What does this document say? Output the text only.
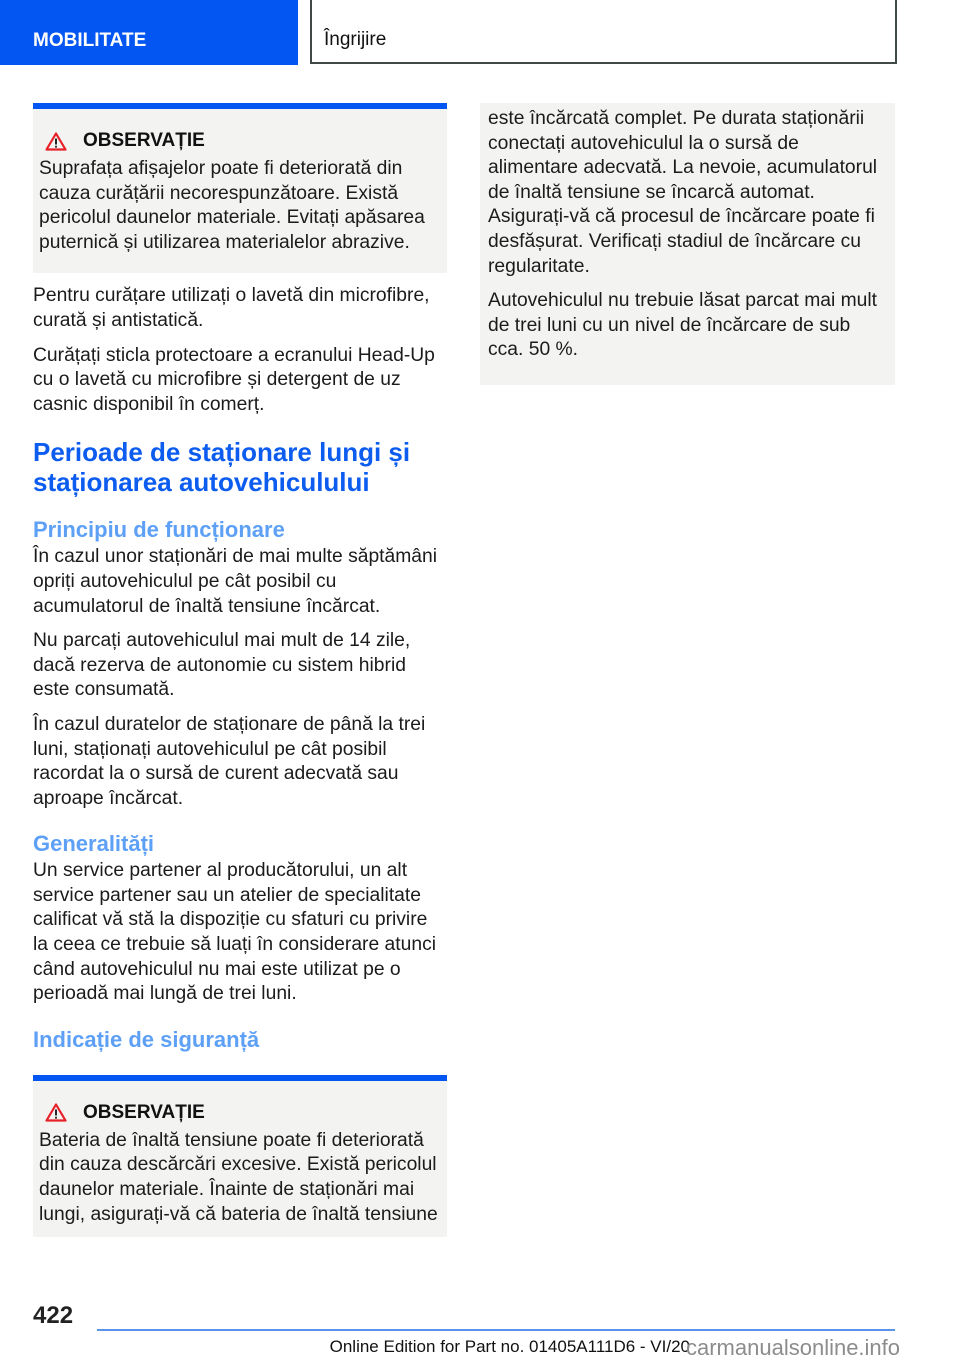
MOBILITATE	Îngrijire
OBSERVAȚIE

Suprafața afișajelor poate fi deteriorată din cauza curățării necorespunzătoare. Există pericolul daunelor materiale. Evitați apăsarea puternică și utilizarea materialelor abrazive.

Pentru curățare utilizați o lavetă din microfibre, curată și antistatică.

Curățați sticla protectoare a ecranului Head-Up cu o lavetă cu microfibre și detergent de uz casnic disponibil în comerț.

Perioade de staționare lungi și staționarea autovehiculului
Principiu de funcționare

În cazul unor staționări de mai multe săptămâni opriți autovehiculul pe cât posibil cu acumulatorul de înaltă tensiune încărcat.

Nu parcați autovehiculul mai mult de 14 zile, dacă rezerva de autonomie cu sistem hibrid este consumată.

În cazul duratelor de staționare de până la trei luni, staționați autovehiculul pe cât posibil racordat la o sursă de curent adecvată sau aproape încărcat.

Generalități

Un service partener al producătorului, un alt service partener sau un atelier de specialitate calificat vă stă la dispoziție cu sfaturi cu privire la ceea ce trebuie să luați în considerare atunci când autovehiculul nu mai este utilizat pe o perioadă mai lungă de trei luni.

Indicație de siguranță
OBSERVAȚIE

Bateria de înaltă tensiune poate fi deteriorată din cauza descărcări excesive. Există pericolul daunelor materiale. Înainte de staționări mai lungi, asigurați-vă că bateria de înaltă tensiune

este încărcată complet. Pe durata staționării conectați autovehiculul la o sursă de alimentare adecvată. La nevoie, acumulatorul de înaltă tensiune se încarcă automat. Asigurați-vă că procesul de încărcare poate fi desfășurat. Verificați stadiul de încărcare cu regularitate.

Autovehiculul nu trebuie lăsat parcat mai mult de trei luni cu un nivel de încărcare de sub cca. 50 %.

422
Online Edition for Part no. 01405A111D6 - VI/20
carmanualsonline.info
